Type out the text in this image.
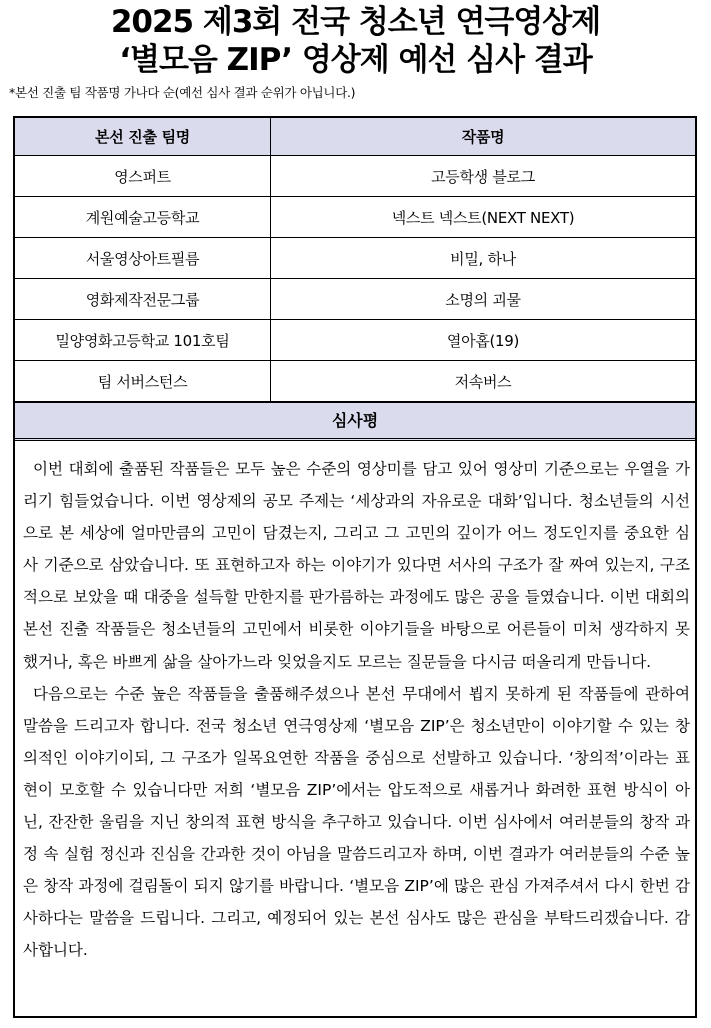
2025 제3회 전국 청소년 연극영상제
‘별모음 ZIP’ 영상제 예선 심사 결과
*본선 진출 팀 작품명 가나다 순(예선 심사 결과 순위가 아닙니다.)
본선 진출 팀명	작품명
영스퍼트	고등학생 블로그
계원예술고등학교	넥스트 넥스트(NEXT NEXT)
서울영상아트필름	비밀, 하나
영화제작전문그룹	소명의 괴물
밀양영화고등학교 101호팀	열아홉(19)
팀 서버스턴스	저속버스
심사평

이번 대회에 출품된 작품들은 모두 높은 수준의 영상미를 담고 있어 영상미 기준으로는 우열을 가리기 힘들었습니다. 이번 영상제의 공모 주제는 ‘세상과의 자유로운 대화’입니다. 청소년들의 시선으로 본 세상에 얼마만큼의 고민이 담겼는지, 그리고 그 고민의 깊이가 어느 정도인지를 중요한 심사 기준으로 삼았습니다. 또 표현하고자 하는 이야기가 있다면 서사의 구조가 잘 짜여 있는지, 구조적으로 보았을 때 대중을 설득할 만한지를 판가름하는 과정에도 많은 공을 들였습니다. 이번 대회의 본선 진출 작품들은 청소년들의 고민에서 비롯한 이야기들을 바탕으로 어른들이 미처 생각하지 못했거나, 혹은 바쁘게 삶을 살아가느라 잊었을지도 모르는 질문들을 다시금 떠올리게 만듭니다.

다음으로는 수준 높은 작품들을 출품해주셨으나 본선 무대에서 뵙지 못하게 된 작품들에 관하여 말씀을 드리고자 합니다. 전국 청소년 연극영상제 ‘별모음 ZIP’은 청소년만이 이야기할 수 있는 창의적인 이야기이되, 그 구조가 일목요연한 작품을 중심으로 선발하고 있습니다. ‘창의적’이라는 표현이 모호할 수 있습니다만 저희 ‘별모음 ZIP’에서는 압도적으로 새롭거나 화려한 표현 방식이 아닌, 잔잔한 울림을 지닌 창의적 표현 방식을 추구하고 있습니다. 이번 심사에서 여러분들의 창작 과정 속 실험 정신과 진심을 간과한 것이 아님을 말씀드리고자 하며, 이번 결과가 여러분들의 수준 높은 창작 과정에 걸림돌이 되지 않기를 바랍니다. ‘별모음 ZIP’에 많은 관심 가져주셔서 다시 한번 감사하다는 말씀을 드립니다. 그리고, 예정되어 있는 본선 심사도 많은 관심을 부탁드리겠습니다. 감사합니다.
